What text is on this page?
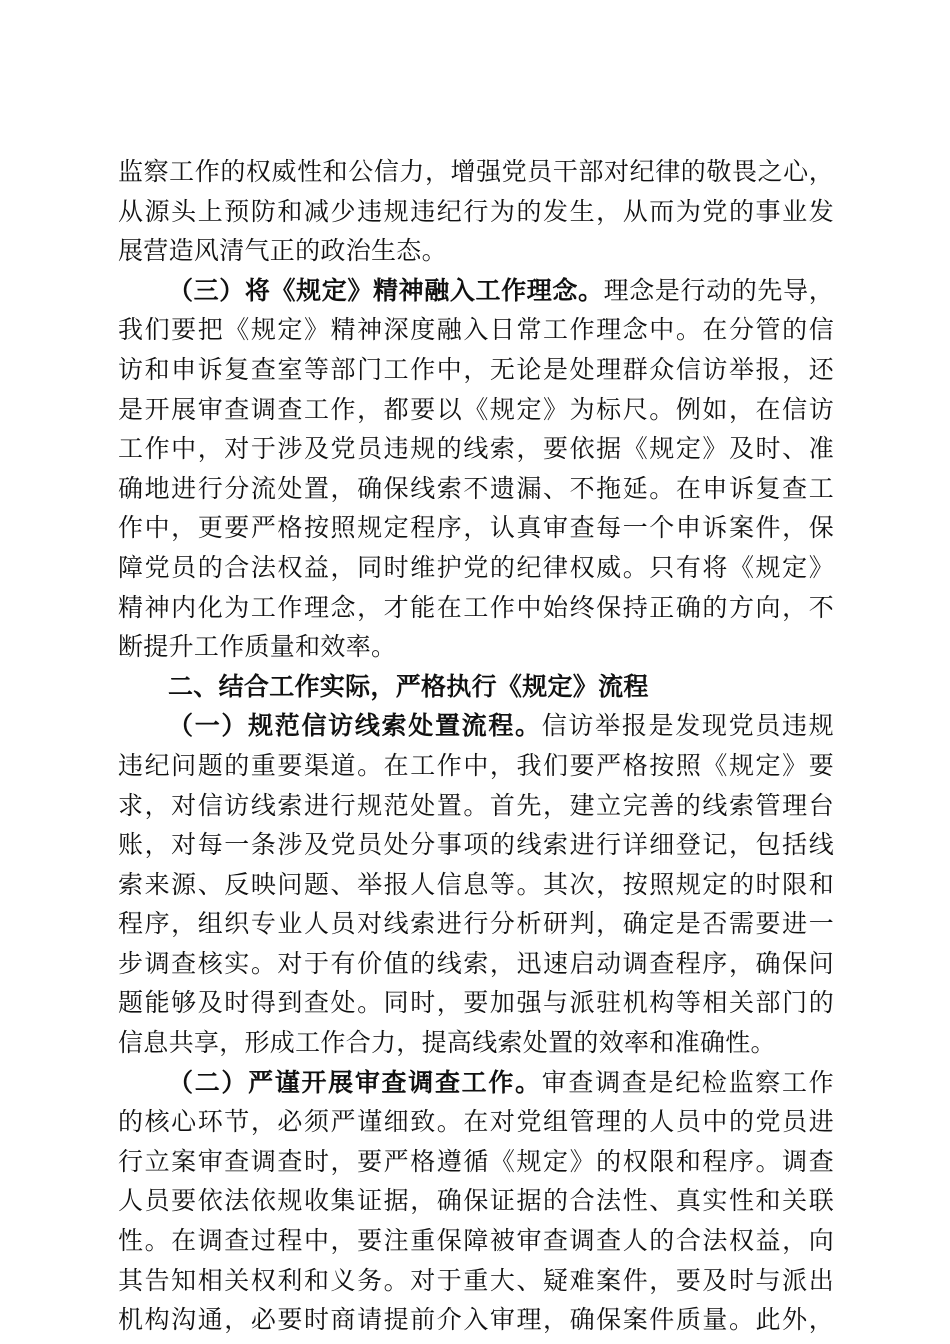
监察工作的权威性和公信力，增强党员干部对纪律的敬畏之心，
从源头上预防和减少违规违纪行为的发生，从而为党的事业发
展营造风清气正的政治生态。
（三）将《规定》精神融入工作理念。理念是行动的先导，
我们要把《规定》精神深度融入日常工作理念中。在分管的信
访和申诉复查室等部门工作中，无论是处理群众信访举报，还
是开展审查调查工作，都要以《规定》为标尺。例如，在信访
工作中，对于涉及党员违规的线索，要依据《规定》及时、准
确地进行分流处置，确保线索不遗漏、不拖延。在申诉复查工
作中，更要严格按照规定程序，认真审查每一个申诉案件，保
障党员的合法权益，同时维护党的纪律权威。只有将《规定》
精神内化为工作理念，才能在工作中始终保持正确的方向，不
断提升工作质量和效率。
二、结合工作实际，严格执行《规定》流程
（一）规范信访线索处置流程。信访举报是发现党员违规
违纪问题的重要渠道。在工作中，我们要严格按照《规定》要
求，对信访线索进行规范处置。首先，建立完善的线索管理台
账，对每一条涉及党员处分事项的线索进行详细登记，包括线
索来源、反映问题、举报人信息等。其次，按照规定的时限和
程序，组织专业人员对线索进行分析研判，确定是否需要进一
步调查核实。对于有价值的线索，迅速启动调查程序，确保问
题能够及时得到查处。同时，要加强与派驻机构等相关部门的
信息共享，形成工作合力，提高线索处置的效率和准确性。
（二）严谨开展审查调查工作。审查调查是纪检监察工作
的核心环节，必须严谨细致。在对党组管理的人员中的党员进
行立案审查调查时，要严格遵循《规定》的权限和程序。调查
人员要依法依规收集证据，确保证据的合法性、真实性和关联
性。在调查过程中，要注重保障被审查调查人的合法权益，向
其告知相关权利和义务。对于重大、疑难案件，要及时与派出
机构沟通，必要时商请提前介入审理，确保案件质量。此外，
